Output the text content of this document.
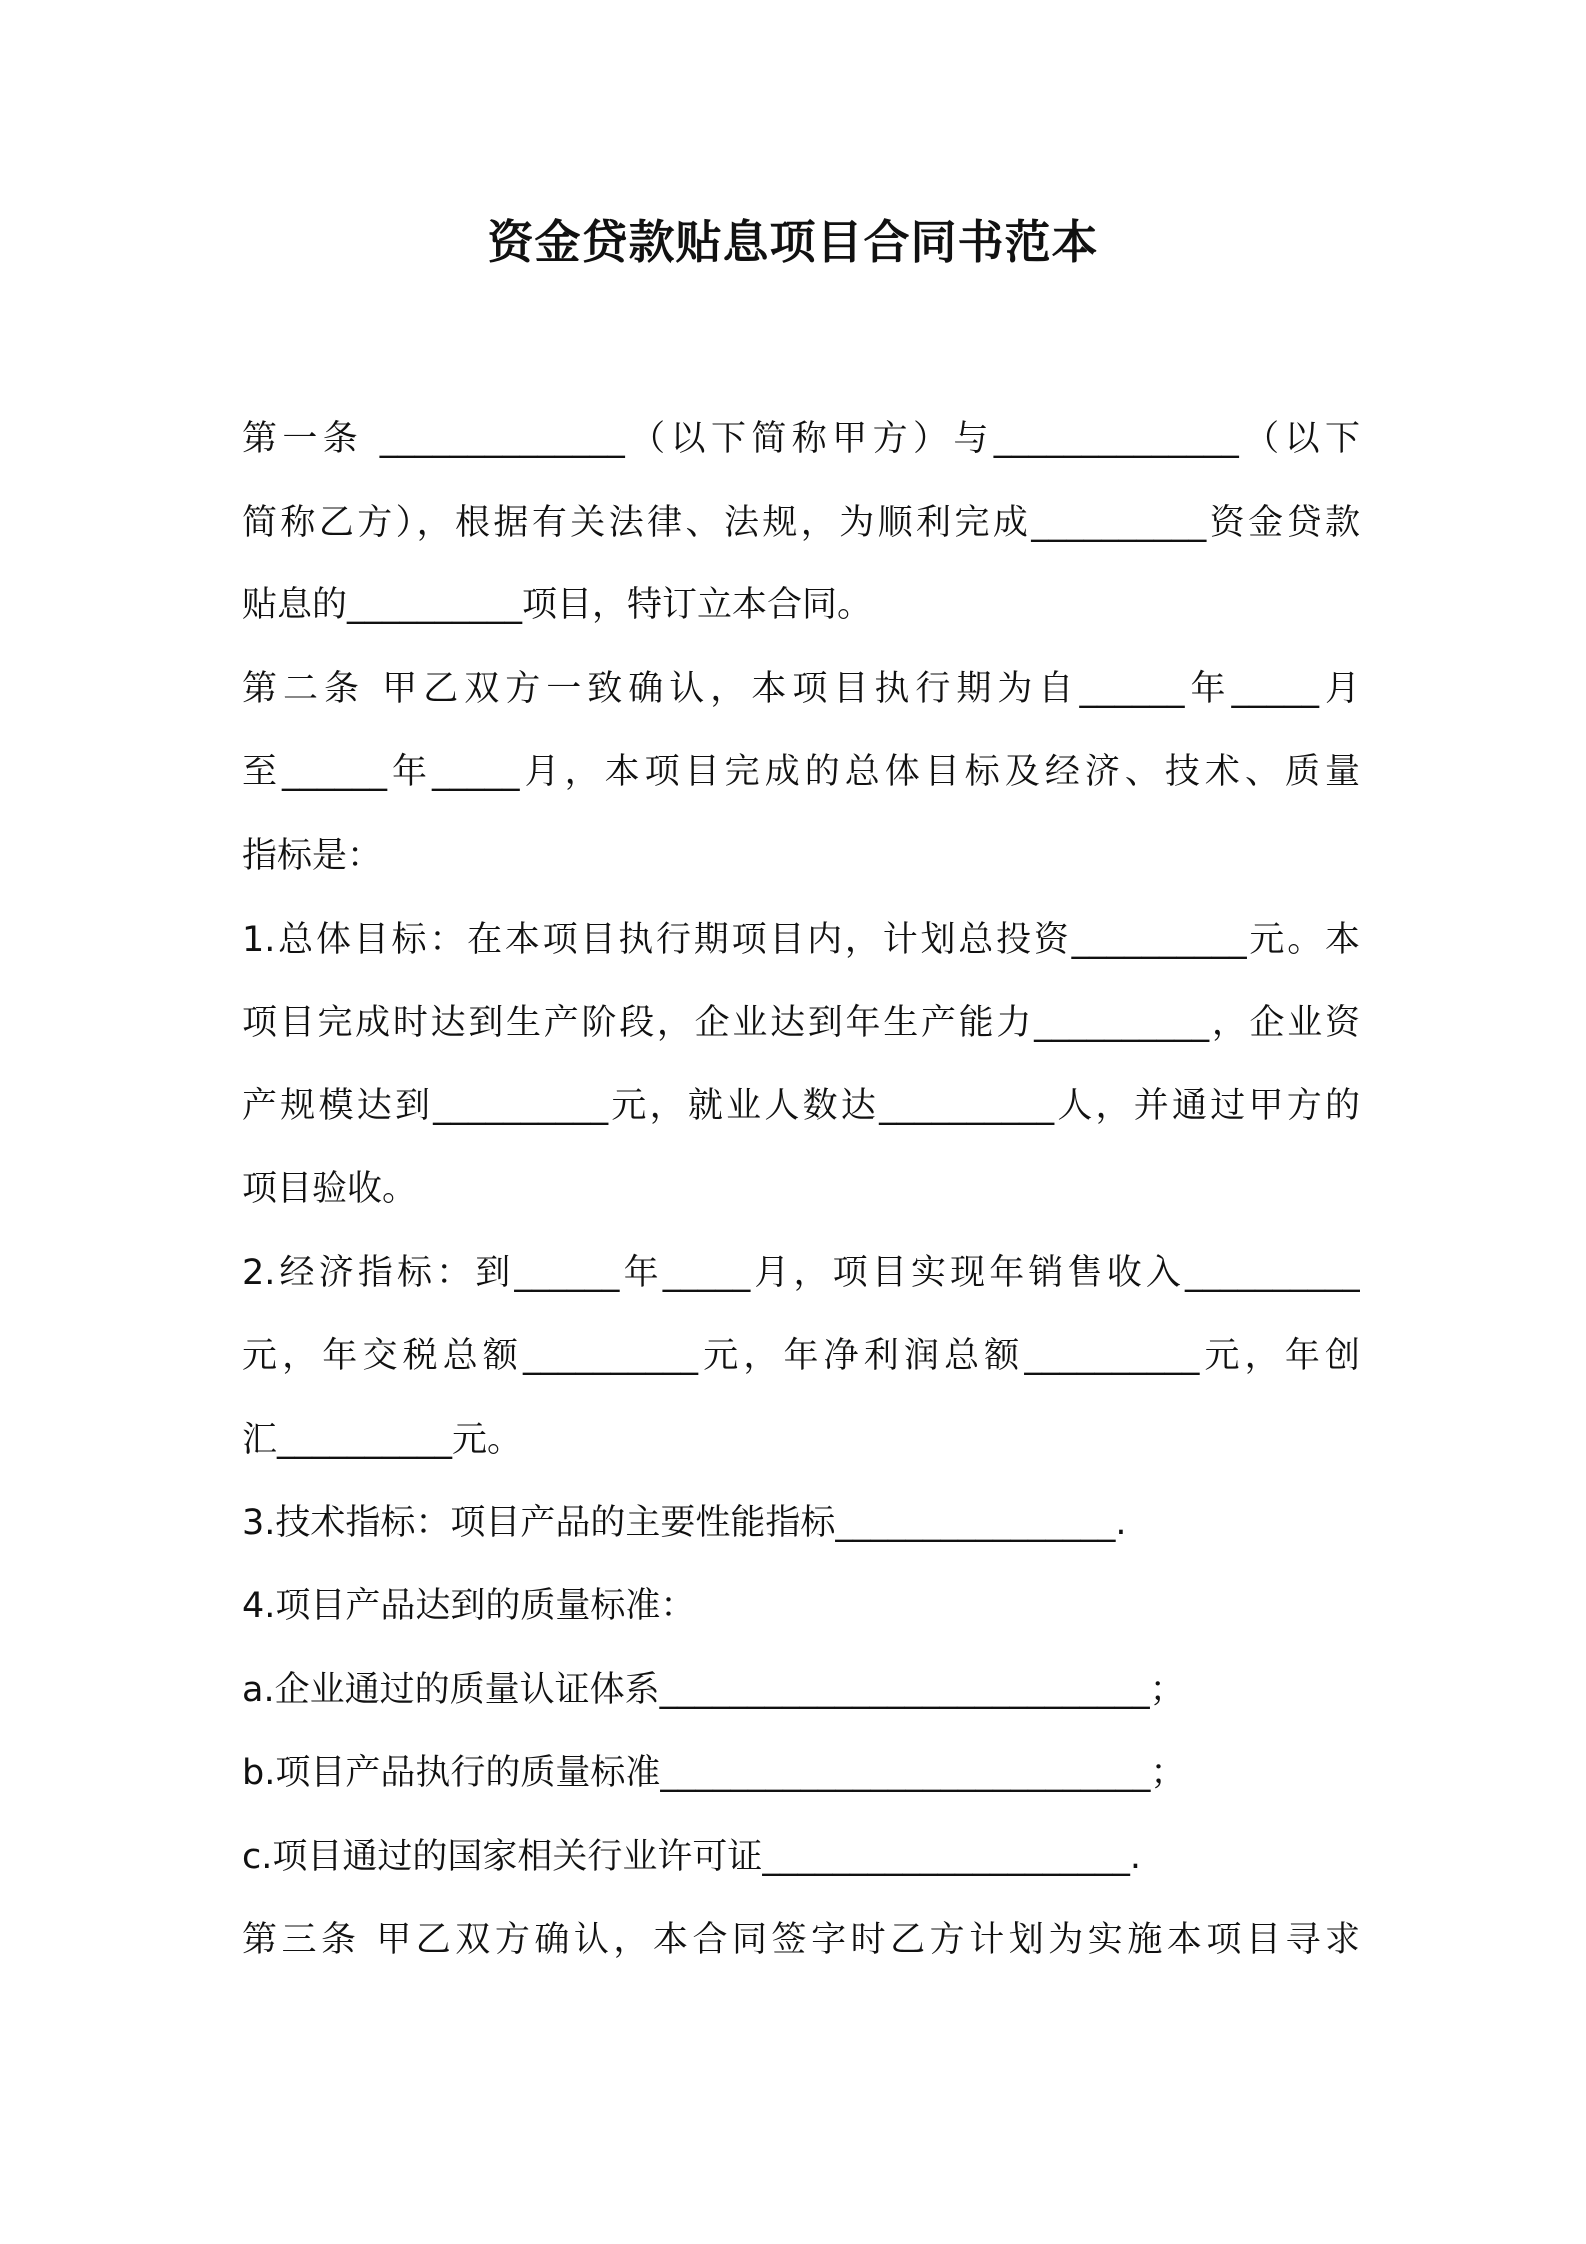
资金贷款贴息项目合同书范本
第一条 ______________（以下简称甲方）与______________（以下
简称乙方），根据有关法律、法规，为顺利完成__________资金贷款
贴息的__________项目，特订立本合同。
第二条 甲乙双方一致确认，本项目执行期为自______年_____月
至______年_____月，本项目完成的总体目标及经济、技术、质量
指标是：
1.总体目标：在本项目执行期项目内，计划总投资__________元。本
项目完成时达到生产阶段，企业达到年生产能力__________，企业资
产规模达到__________元，就业人数达__________人，并通过甲方的
项目验收。
2.经济指标：到______年_____月，项目实现年销售收入__________
元，年交税总额__________元，年净利润总额__________元，年创
汇__________元。
3.技术指标：项目产品的主要性能指标________________.
4.项目产品达到的质量标准：
a.企业通过的质量认证体系____________________________；
b.项目产品执行的质量标准____________________________；
c.项目通过的国家相关行业许可证_____________________.
第三条 甲乙双方确认，本合同签字时乙方计划为实施本项目寻求
